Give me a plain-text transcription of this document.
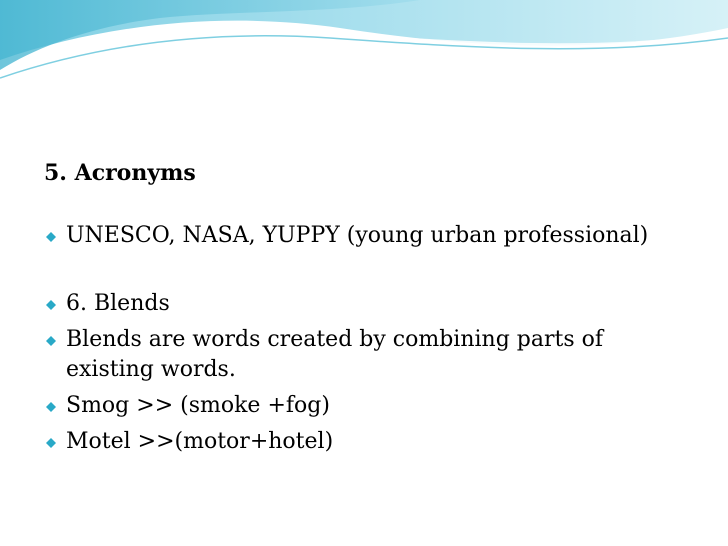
5. Acronyms
UNESCO, NASA, YUPPY (young urban professional)
6. Blends
Blends are words created by combining parts of existing words.
Smog >> (smoke +fog)
Motel >>(motor+hotel)
